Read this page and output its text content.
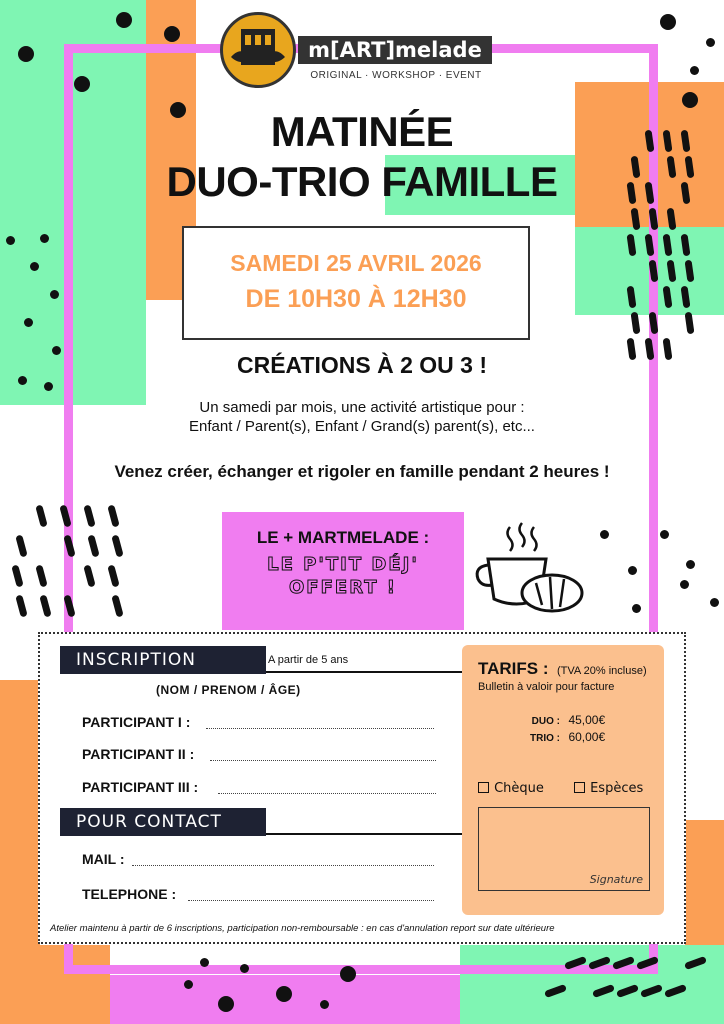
m[ART]melade
ORIGINAL · WORKSHOP · EVENT
MATINÉE
DUO-TRIO FAMILLE
SAMEDI 25 AVRIL 2026
DE 10H30 À 12H30
CRÉATIONS À 2 OU 3 !
Un samedi par mois, une activité artistique pour :
Enfant / Parent(s), Enfant / Grand(s) parent(s), etc...
Venez créer, échanger et rigoler en famille pendant 2 heures !
LE + MARTMELADE :
LE P'TIT DÉJ'
OFFERT !
INSCRIPTION	A partir de 5 ans
(NOM / PRENOM / ÂGE)
PARTICIPANT I :
PARTICIPANT II :
PARTICIPANT III :
POUR CONTACT
MAIL :
TELEPHONE :
TARIFS : (TVA 20% incluse)
Bulletin à valoir pour facture
DUO : 45,00€
TRIO : 60,00€
Chèque	Espèces
Signature
Atelier maintenu à partir de 6 inscriptions, participation non-remboursable : en cas d'annulation report sur date ultérieure
